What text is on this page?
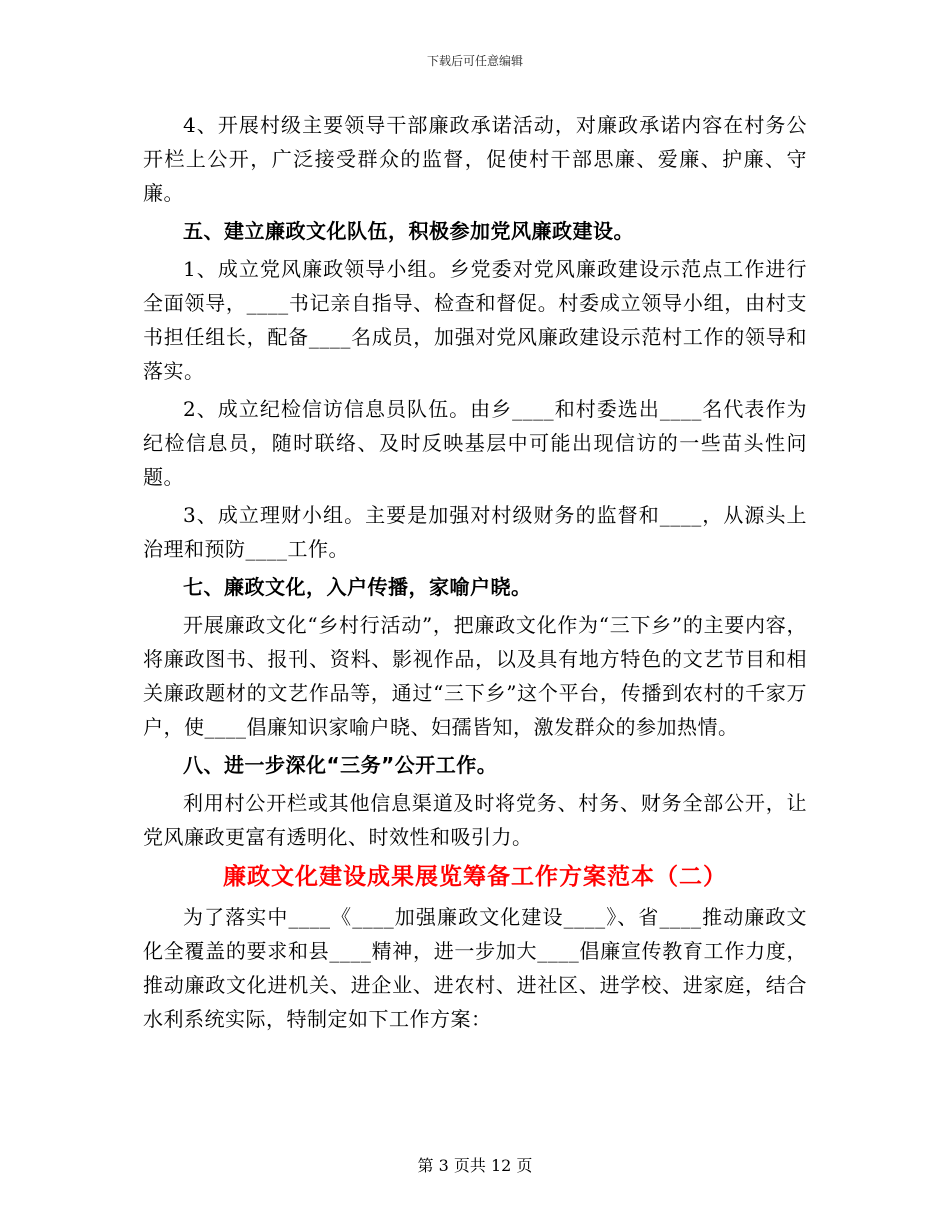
下载后可任意编辑

4、开展村级主要领导干部廉政承诺活动，对廉政承诺内容在村务公开栏上公开，广泛接受群众的监督，促使村干部思廉、爱廉、护廉、守廉。

五、建立廉政文化队伍，积极参加党风廉政建设。

1、成立党风廉政领导小组。乡党委对党风廉政建设示范点工作进行全面领导，____书记亲自指导、检查和督促。村委成立领导小组，由村支书担任组长，配备____名成员，加强对党风廉政建设示范村工作的领导和落实。

2、成立纪检信访信息员队伍。由乡____和村委选出____名代表作为纪检信息员，随时联络、及时反映基层中可能出现信访的一些苗头性问题。

3、成立理财小组。主要是加强对村级财务的监督和____，从源头上治理和预防____工作。

七、廉政文化，入户传播，家喻户晓。

开展廉政文化“乡村行活动”，把廉政文化作为“三下乡”的主要内容，将廉政图书、报刊、资料、影视作品，以及具有地方特色的文艺节目和相关廉政题材的文艺作品等，通过“三下乡”这个平台，传播到农村的千家万户，使____倡廉知识家喻户晓、妇孺皆知，激发群众的参加热情。

八、进一步深化“三务”公开工作。

利用村公开栏或其他信息渠道及时将党务、村务、财务全部公开，让党风廉政更富有透明化、时效性和吸引力。

廉政文化建设成果展览筹备工作方案范本（二）

为了落实中____《____加强廉政文化建设____》、省____推动廉政文化全覆盖的要求和县____精神，进一步加大____倡廉宣传教育工作力度，推动廉政文化进机关、进企业、进农村、进社区、进学校、进家庭，结合水利系统实际，特制定如下工作方案：

第 3 页共 12 页
